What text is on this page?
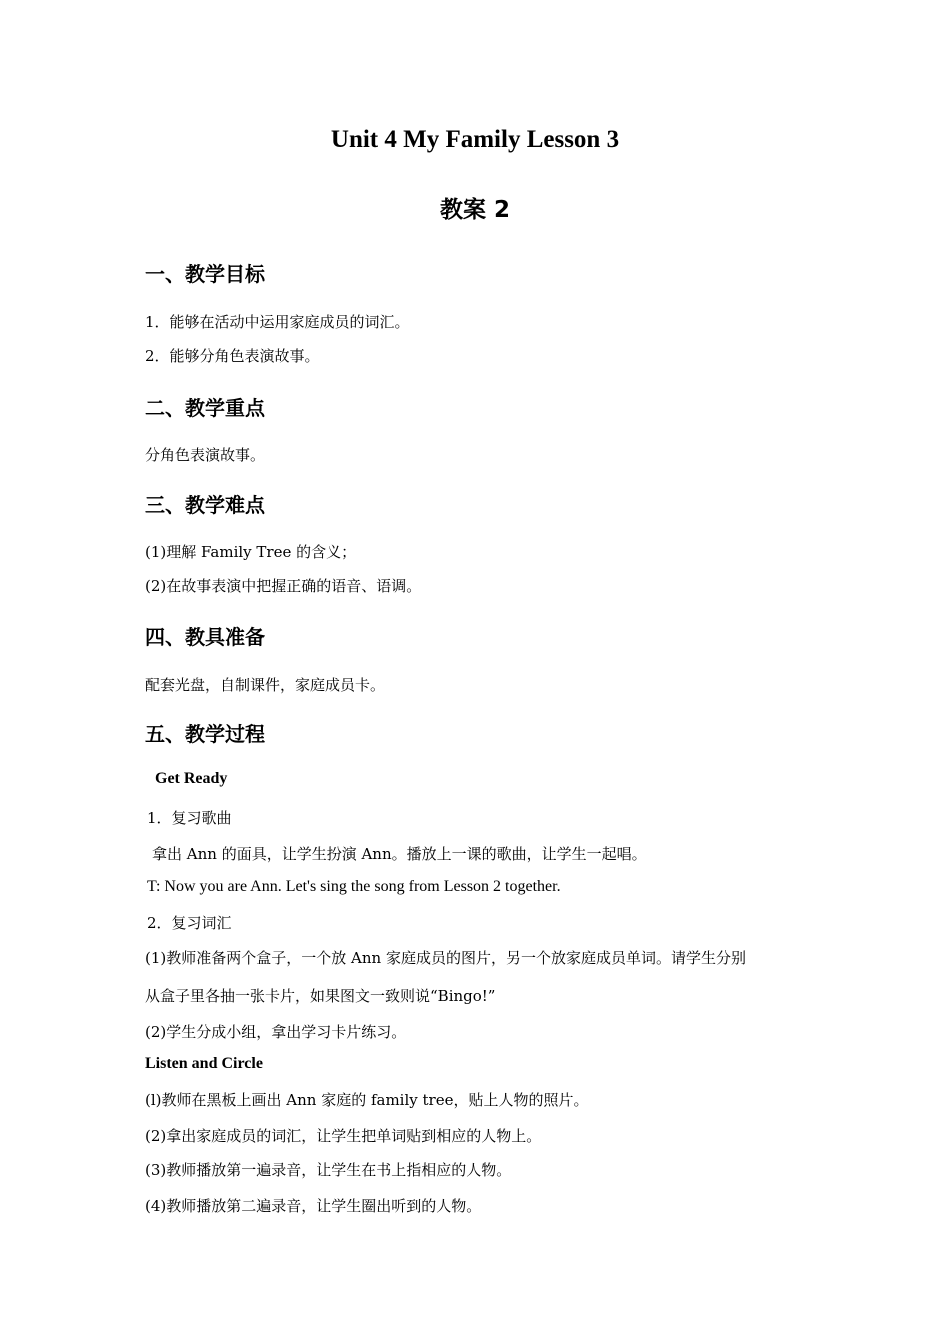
Unit 4 My Family Lesson 3
教案 2
一、教学目标
1．能够在活动中运用家庭成员的词汇。
2．能够分角色表演故事。
二、教学重点
分角色表演故事。
三、教学难点
(1)理解 Family Tree 的含义；
(2)在故事表演中把握正确的语音、语调。
四、教具准备
配套光盘，自制课件，家庭成员卡。
五、教学过程
Get Ready
1．复习歌曲
拿出 Ann 的面具，让学生扮演 Ann。播放上一课的歌曲，让学生一起唱。
T: Now you are Ann. Let's sing the song from Lesson 2 together.
2．复习词汇
(1)教师准备两个盒子，一个放 Ann 家庭成员的图片，另一个放家庭成员单词。请学生分别
从盒子里各抽一张卡片，如果图文一致则说“Bingo!”
(2)学生分成小组，拿出学习卡片练习。
Listen and Circle
(l)教师在黑板上画出 Ann 家庭的 family tree，贴上人物的照片。
(2)拿出家庭成员的词汇，让学生把单词贴到相应的人物上。
(3)教师播放第一遍录音，让学生在书上指相应的人物。
(4)教师播放第二遍录音，让学生圈出听到的人物。
